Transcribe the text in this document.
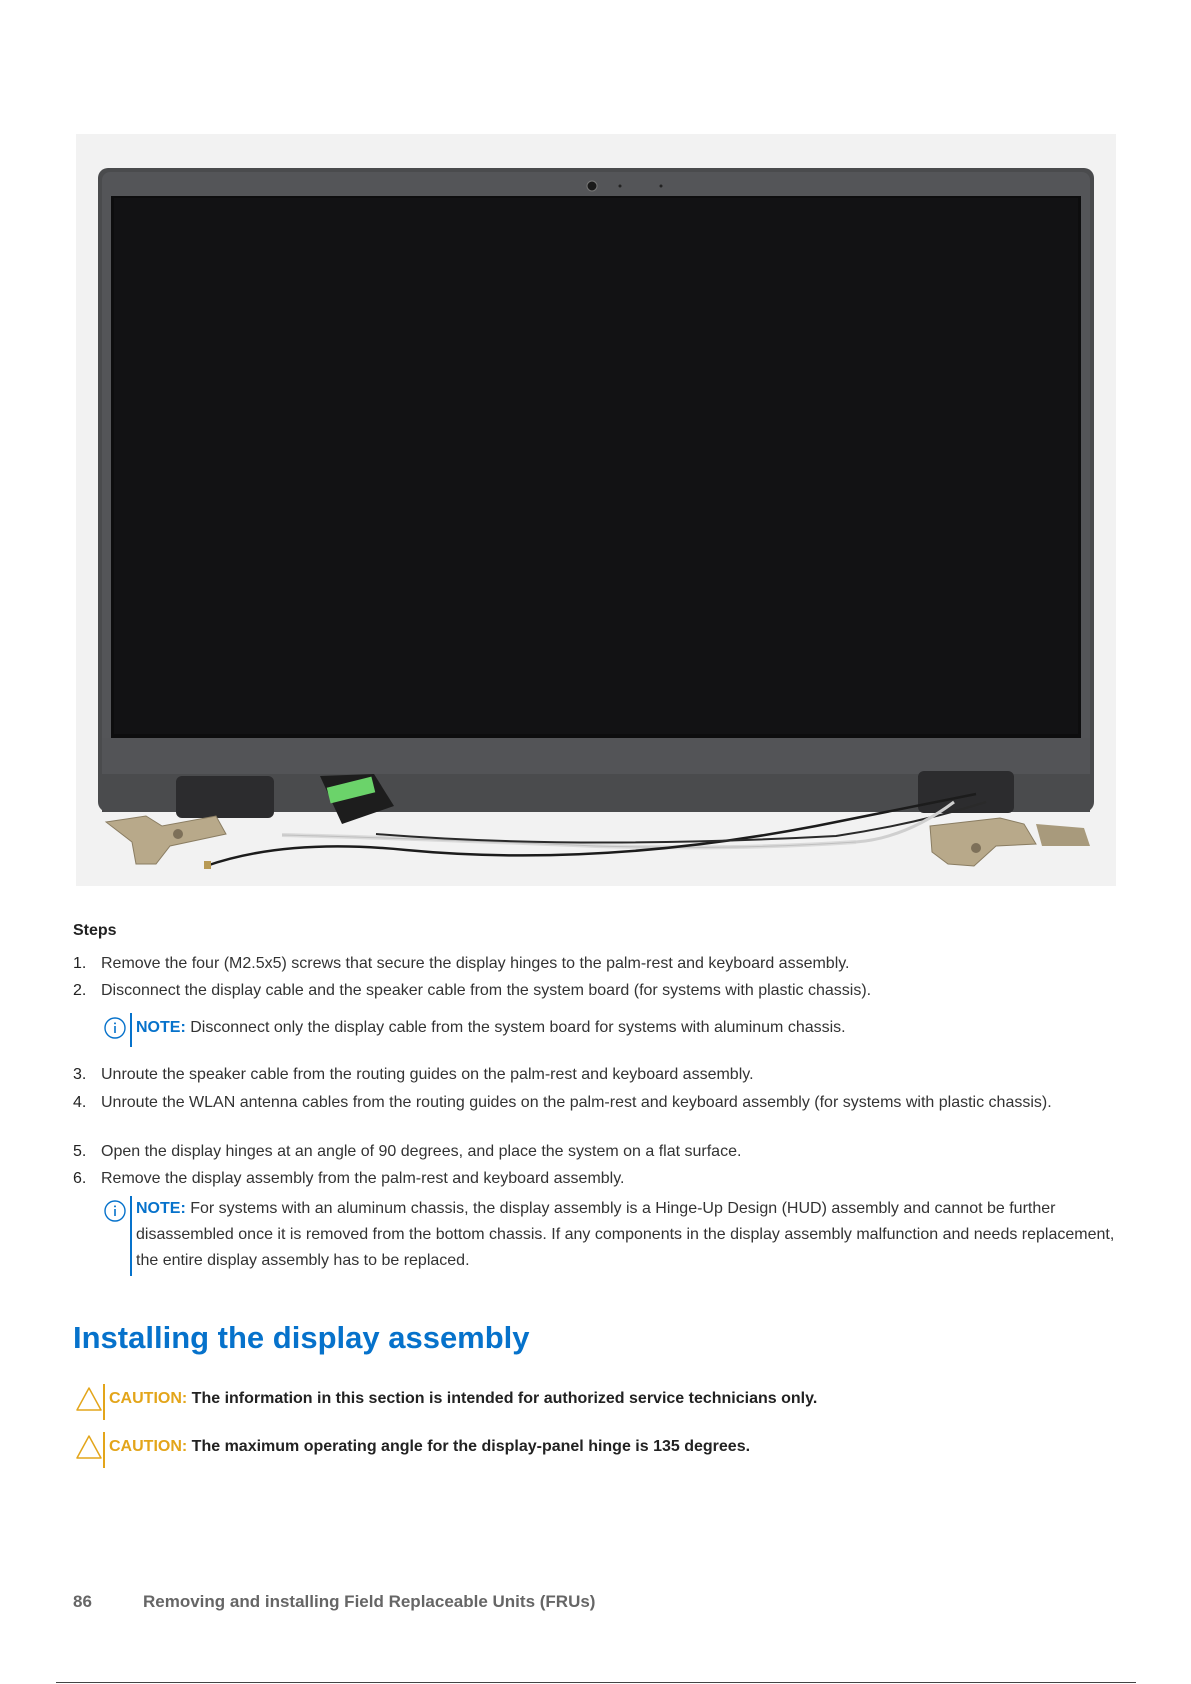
Steps
1. Remove the four (M2.5x5) screws that secure the display hinges to the palm-rest and keyboard assembly.
2. Disconnect the display cable and the speaker cable from the system board (for systems with plastic chassis).
NOTE: Disconnect only the display cable from the system board for systems with aluminum chassis.
3. Unroute the speaker cable from the routing guides on the palm-rest and keyboard assembly.
4. Unroute the WLAN antenna cables from the routing guides on the palm-rest and keyboard assembly (for systems with plastic chassis).
5. Open the display hinges at an angle of 90 degrees, and place the system on a flat surface.
6. Remove the display assembly from the palm-rest and keyboard assembly.
NOTE: For systems with an aluminum chassis, the display assembly is a Hinge-Up Design (HUD) assembly and cannot be further disassembled once it is removed from the bottom chassis. If any components in the display assembly malfunction and needs replacement, the entire display assembly has to be replaced.
Installing the display assembly
CAUTION: The information in this section is intended for authorized service technicians only.
CAUTION: The maximum operating angle for the display-panel hinge is 135 degrees.
86	Removing and installing Field Replaceable Units (FRUs)
